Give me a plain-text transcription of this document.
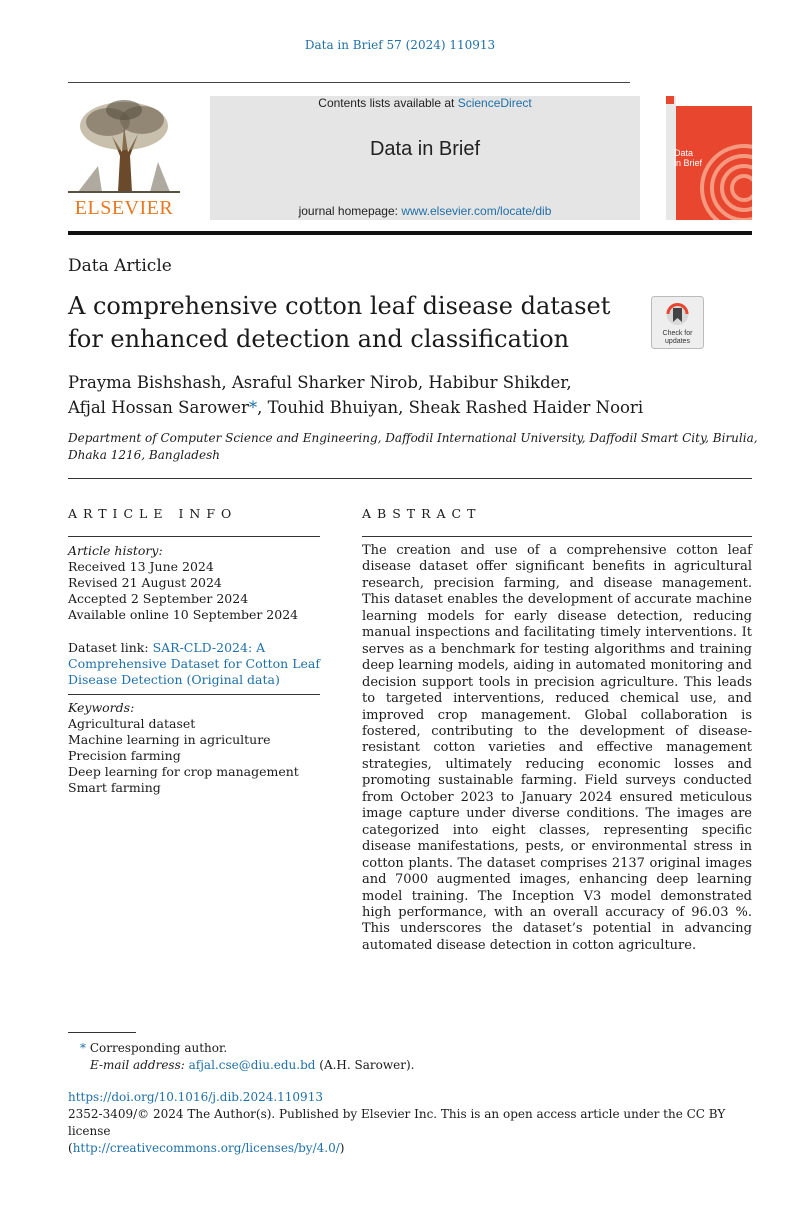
Data in Brief 57 (2024) 110913
ELSEVIER
Contents lists available at ScienceDirect
Data in Brief
journal homepage: www.elsevier.com/locate/dib
Data
in Brief
Data Article
A comprehensive cotton leaf disease dataset
for enhanced detection and classification	Check for
updates
Prayma Bishshash, Asraful Sharker Nirob, Habibur Shikder,
Afjal Hossan Sarower*, Touhid Bhuiyan, Sheak Rashed Haider Noori
Department of Computer Science and Engineering, Daffodil International University, Daffodil Smart City, Birulia,
Dhaka 1216, Bangladesh
ARTICLE INFO	ABSTRACT
Article history:
Received 13 June 2024
Revised 21 August 2024
Accepted 2 September 2024
Available online 10 September 2024
Dataset link: SAR-CLD-2024: A
Comprehensive Dataset for Cotton Leaf
Disease Detection (Original data)
Keywords:
Agricultural dataset
Machine learning in agriculture
Precision farming
Deep learning for crop management
Smart farming
The creation and use of a comprehensive cotton leaf disease dataset offer significant benefits in agricultural research, precision farming, and disease management. This dataset enables the development of accurate machine learning models for early disease detection, reducing manual inspections and facilitating timely interventions. It serves as a benchmark for testing algorithms and training deep learning models, aiding in automated monitoring and decision support tools in precision agriculture. This leads to targeted interventions, reduced chemical use, and improved crop management. Global collaboration is fostered, contributing to the development of disease-resistant cotton varieties and effective management strategies, ultimately reducing economic losses and promoting sustainable farming. Field surveys conducted from October 2023 to January 2024 ensured meticulous image capture under diverse conditions. The images are categorized into eight classes, representing specific disease manifestations, pests, or environmental stress in cotton plants. The dataset comprises 2137 original images and 7000 augmented images, enhancing deep learning model training. The Inception V3 model demonstrated high performance, with an overall accuracy of 96.03 %. This underscores the dataset’s potential in advancing automated disease detection in cotton agriculture.
* Corresponding author.
E-mail address: afjal.cse@diu.edu.bd (A.H. Sarower).
https://doi.org/10.1016/j.dib.2024.110913
2352-3409/© 2024 The Author(s). Published by Elsevier Inc. This is an open access article under the CC BY license
(http://creativecommons.org/licenses/by/4.0/)
